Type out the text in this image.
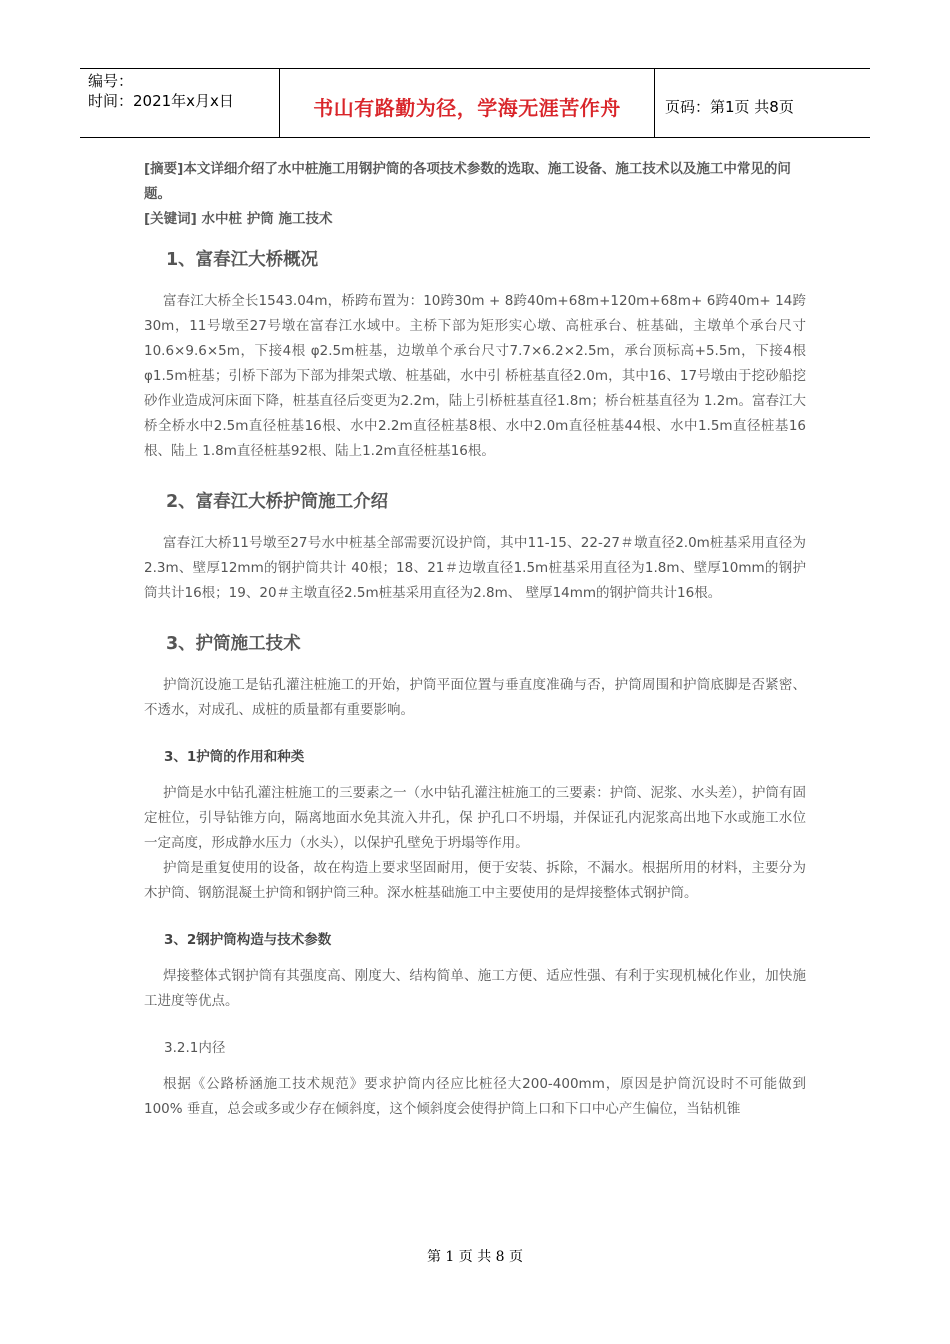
编号：
时间：2021年x月x日	书山有路勤为径，学海无涯苦作舟	页码：第1页 共8页

[摘要]本文详细介绍了水中桩施工用钢护筒的各项技术参数的选取、施工设备、施工技术以及施工中常见的问题。

[关键词] 水中桩 护筒 施工技术

1、富春江大桥概况

富春江大桥全长1543.04m，桥跨布置为：10跨30m + 8跨40m+68m+120m+68m+ 6跨40m+ 14跨30m，11号墩至27号墩在富春江水域中。主桥下部为矩形实心墩、高桩承台、桩基础，主墩单个承台尺寸10.6×9.6×5m，下接4根 φ2.5m桩基，边墩单个承台尺寸7.7×6.2×2.5m，承台顶标高+5.5m，下接4根φ1.5m桩基；引桥下部为下部为排架式墩、桩基础，水中引 桥桩基直径2.0m，其中16、17号墩由于挖砂船挖砂作业造成河床面下降，桩基直径后变更为2.2m，陆上引桥桩基直径1.8m；桥台桩基直径为 1.2m。富春江大桥全桥水中2.5m直径桩基16根、水中2.2m直径桩基8根、水中2.0m直径桩基44根、水中1.5m直径桩基16根、陆上 1.8m直径桩基92根、陆上1.2m直径桩基16根。

2、富春江大桥护筒施工介绍

富春江大桥11号墩至27号水中桩基全部需要沉设护筒，其中11-15、22-27＃墩直径2.0m桩基采用直径为2.3m、壁厚12mm的钢护筒共计 40根；18、21＃边墩直径1.5m桩基采用直径为1.8m、壁厚10mm的钢护筒共计16根；19、20＃主墩直径2.5m桩基采用直径为2.8m、 壁厚14mm的钢护筒共计16根。

3、护筒施工技术

护筒沉设施工是钻孔灌注桩施工的开始，护筒平面位置与垂直度准确与否，护筒周围和护筒底脚是否紧密、不透水，对成孔、成桩的质量都有重要影响。

3、1护筒的作用和种类

护筒是水中钻孔灌注桩施工的三要素之一（水中钻孔灌注桩施工的三要素：护筒、泥浆、水头差），护筒有固定桩位，引导钻锥方向，隔离地面水免其流入井孔，保 护孔口不坍塌，并保证孔内泥浆高出地下水或施工水位一定高度，形成静水压力（水头），以保护孔壁免于坍塌等作用。

护筒是重复使用的设备，故在构造上要求坚固耐用，便于安装、拆除，不漏水。根据所用的材料，主要分为木护筒、钢筋混凝土护筒和钢护筒三种。深水桩基础施工中主要使用的是焊接整体式钢护筒。

3、2钢护筒构造与技术参数

焊接整体式钢护筒有其强度高、刚度大、结构简单、施工方便、适应性强、有利于实现机械化作业，加快施工进度等优点。

3.2.1内径

根据《公路桥涵施工技术规范》要求护筒内径应比桩径大200-400mm，原因是护筒沉设时不可能做到100% 垂直，总会或多或少存在倾斜度，这个倾斜度会使得护筒上口和下口中心产生偏位，当钻机锥

第 1 页 共 8 页
